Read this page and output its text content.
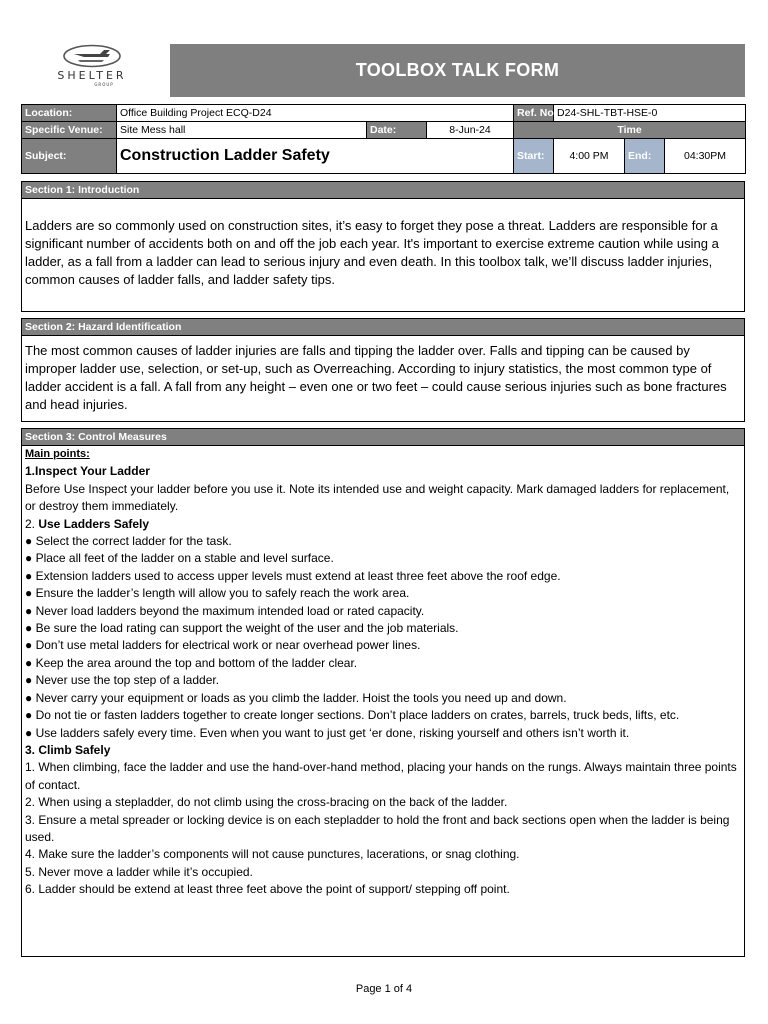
SHELTER
GROUP
TOOLBOX TALK FORM
Location:	Office Building Project ECQ-D24			Ref. No.:	D24-SHL-TBT-HSE-0		
Specific Venue:	Site Mess hall	Date:	8-Jun-24	Time			
Subject:	Construction Ladder Safety			Start:	4:00 PM	End:	04:30PM
Section 1: Introduction

Ladders are so commonly used on construction sites, it’s easy to forget they pose a threat. Ladders are responsible for a significant number of accidents both on and off the job each year. It's important to exercise extreme caution while using a ladder, as a fall from a ladder can lead to serious injury and even death. In this toolbox talk, we’ll discuss ladder injuries, common causes of ladder falls, and ladder safety tips.

Section 2: Hazard Identification

The most common causes of ladder injuries are falls and tipping the ladder over. Falls and tipping can be caused by improper ladder use, selection, or set-up, such as Overreaching. According to injury statistics, the most common type of ladder accident is a fall. A fall from any height – even one or two feet – could cause serious injuries such as bone fractures and head injuries.

Section 3: Control Measures
Main points:
1.Inspect Your Ladder
Before Use Inspect your ladder before you use it. Note its intended use and weight capacity. Mark damaged ladders for replacement, or destroy them immediately.
2. Use Ladders Safely
● Select the correct ladder for the task.
● Place all feet of the ladder on a stable and level surface.
● Extension ladders used to access upper levels must extend at least three feet above the roof edge.
● Ensure the ladder’s length will allow you to safely reach the work area.
● Never load ladders beyond the maximum intended load or rated capacity.
● Be sure the load rating can support the weight of the user and the job materials.
● Don’t use metal ladders for electrical work or near overhead power lines.
● Keep the area around the top and bottom of the ladder clear.
● Never use the top step of a ladder.
● Never carry your equipment or loads as you climb the ladder. Hoist the tools you need up and down.
● Do not tie or fasten ladders together to create longer sections. Don’t place ladders on crates, barrels, truck beds, lifts, etc.
● Use ladders safely every time. Even when you want to just get ‘er done, risking yourself and others isn’t worth it.
3. Climb Safely
1. When climbing, face the ladder and use the hand-over-hand method, placing your hands on the rungs. Always maintain three points of contact.
2. When using a stepladder, do not climb using the cross-bracing on the back of the ladder.
3. Ensure a metal spreader or locking device is on each stepladder to hold the front and back sections open when the ladder is being used.
4. Make sure the ladder’s components will not cause punctures, lacerations, or snag clothing.
5. Never move a ladder while it’s occupied.
6. Ladder should be extend at least three feet above the point of support/ stepping off point.
Page 1 of 4
